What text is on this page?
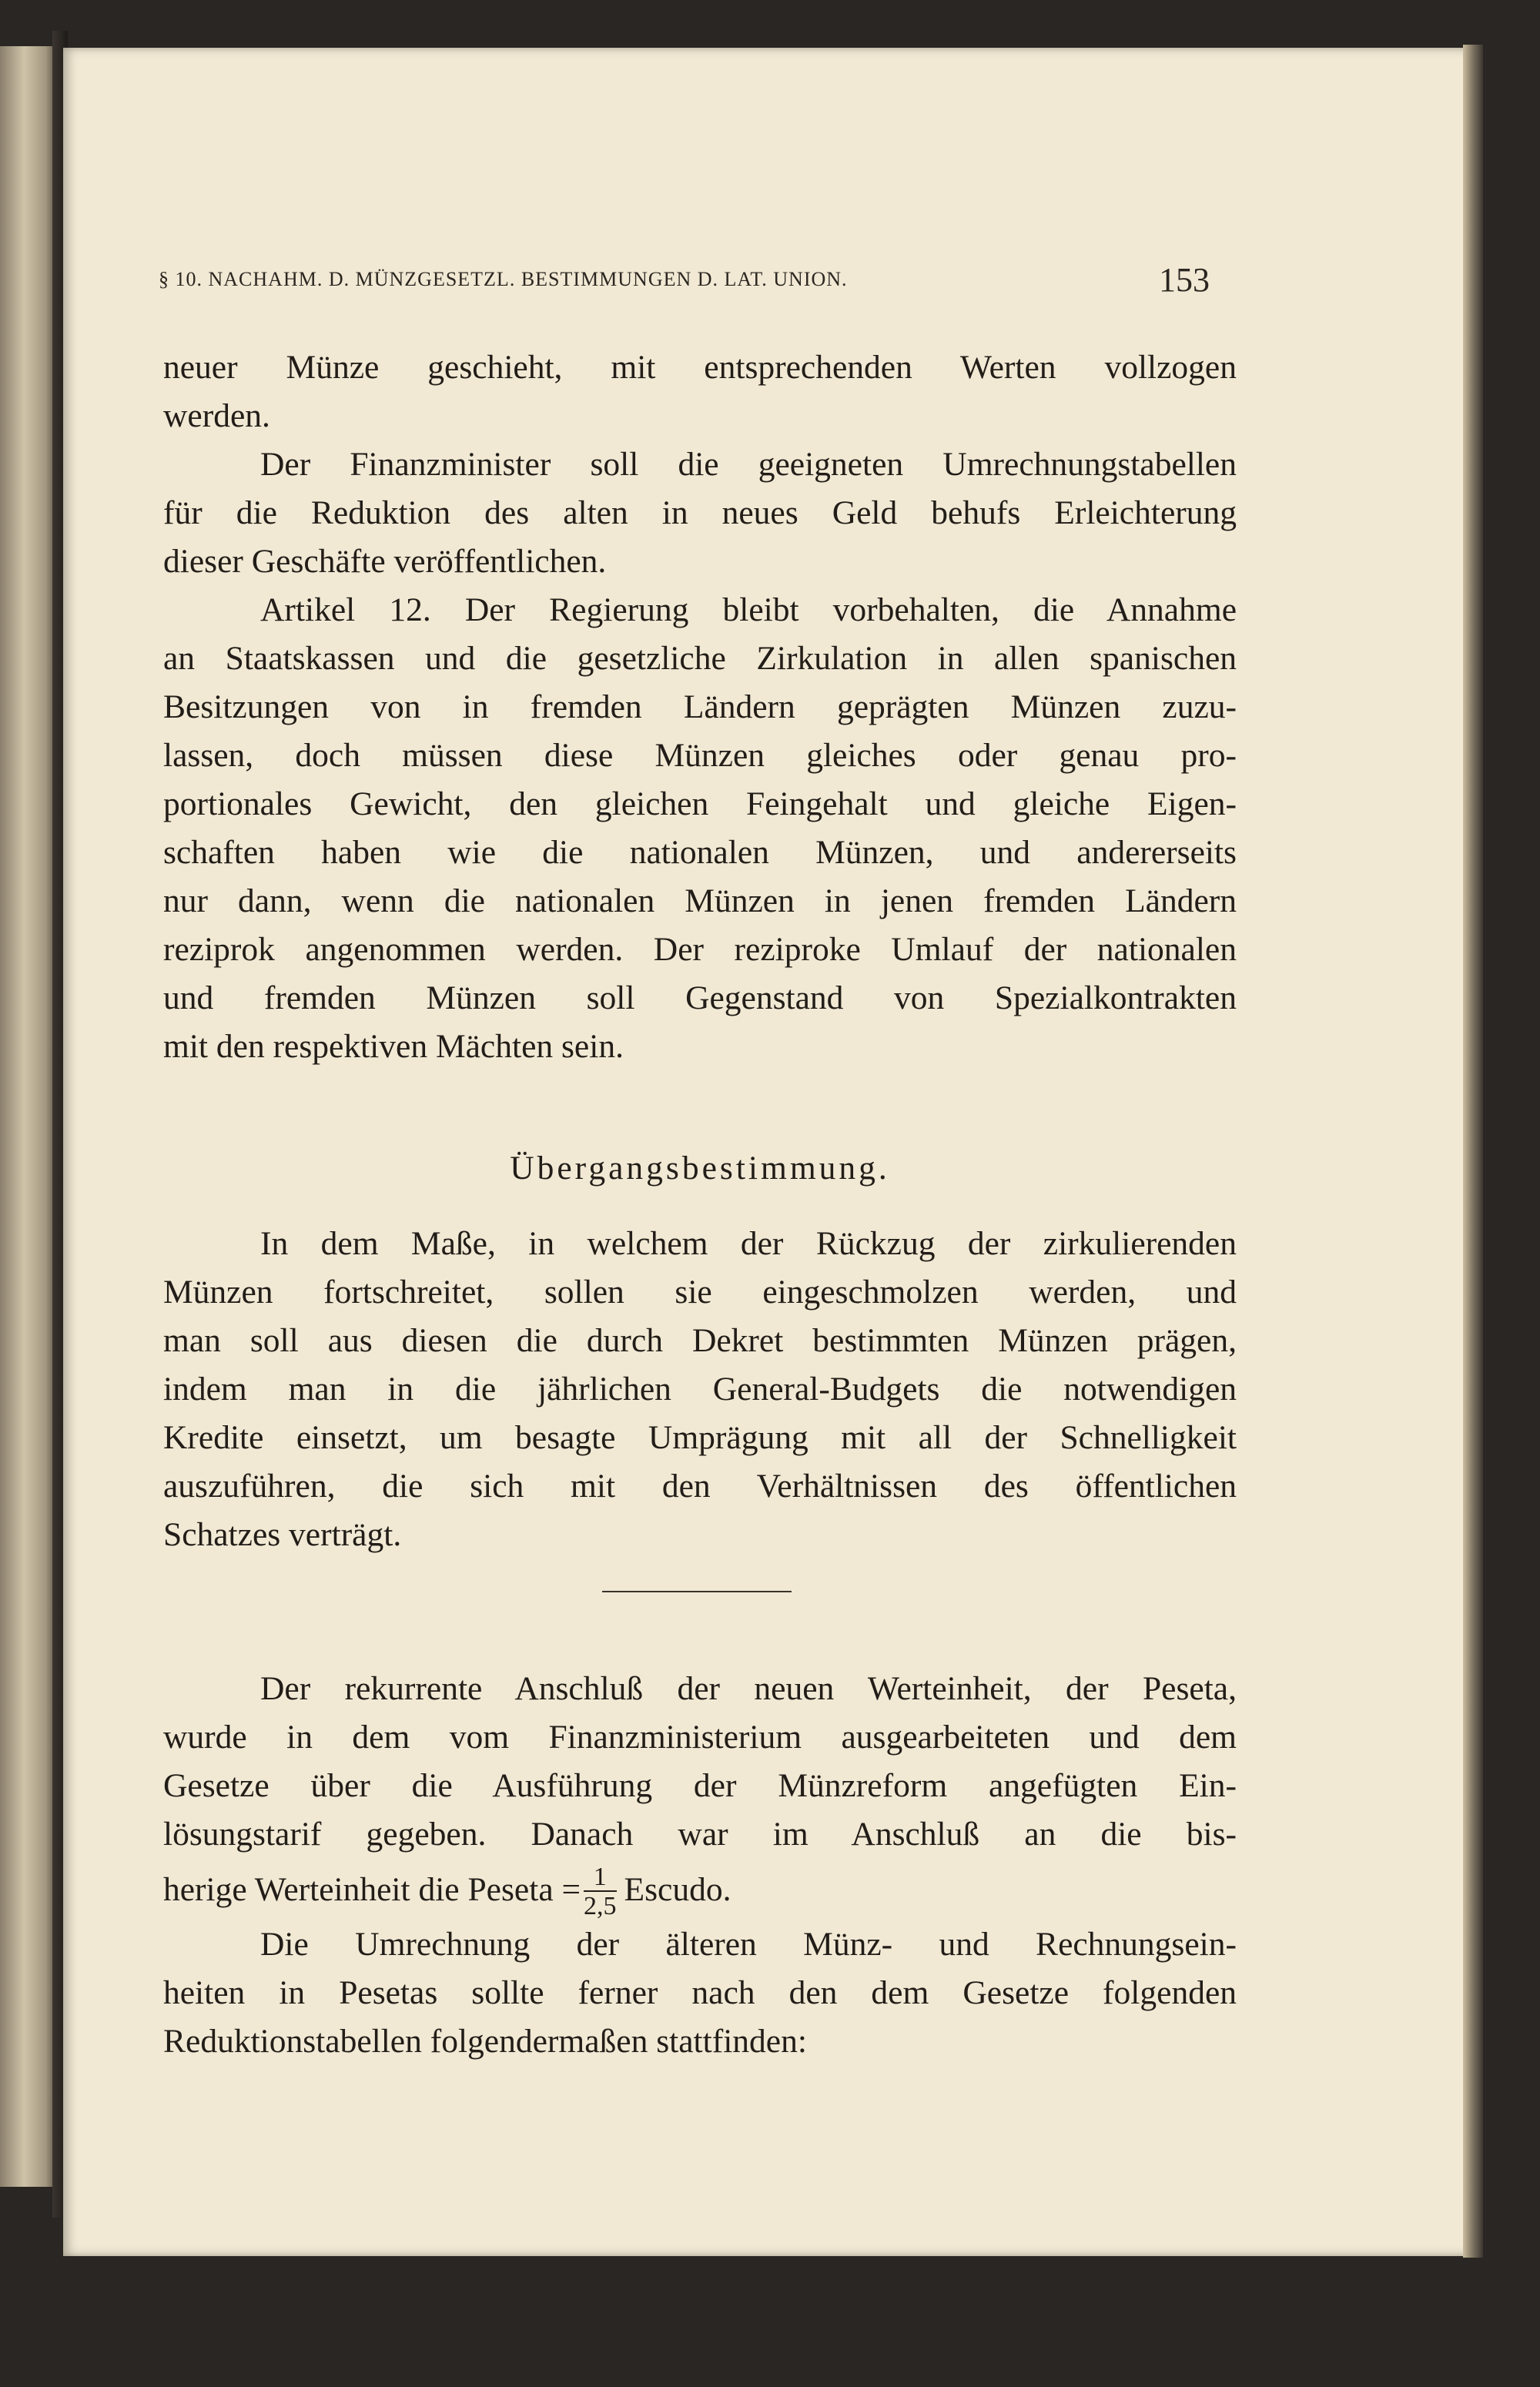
§ 10. NACHAHM. D. MÜNZGESETZL. BESTIMMUNGEN D. LAT. UNION.	153
neuer Münze geschieht, mit entsprechenden Werten vollzogen
werden.
Der Finanzminister soll die geeigneten Umrechnungstabellen
für die Reduktion des alten in neues Geld behufs Erleichterung
dieser Geschäfte veröffentlichen.
Artikel 12. Der Regierung bleibt vorbehalten, die Annahme
an Staatskassen und die gesetzliche Zirkulation in allen spanischen
Besitzungen von in fremden Ländern geprägten Münzen zuzu-
lassen, doch müssen diese Münzen gleiches oder genau pro-
portionales Gewicht, den gleichen Feingehalt und gleiche Eigen-
schaften haben wie die nationalen Münzen, und andererseits
nur dann, wenn die nationalen Münzen in jenen fremden Ländern
reziprok angenommen werden. Der reziproke Umlauf der nationalen
und fremden Münzen soll Gegenstand von Spezialkontrakten
mit den respektiven Mächten sein.
Übergangsbestimmung.
In dem Maße, in welchem der Rückzug der zirkulierenden
Münzen fortschreitet, sollen sie eingeschmolzen werden, und
man soll aus diesen die durch Dekret bestimmten Münzen prägen,
indem man in die jährlichen General-Budgets die notwendigen
Kredite einsetzt, um besagte Umprägung mit all der Schnelligkeit
auszuführen, die sich mit den Verhältnissen des öffentlichen
Schatzes verträgt.
Der rekurrente Anschluß der neuen Werteinheit, der Peseta,
wurde in dem vom Finanzministerium ausgearbeiteten und dem
Gesetze über die Ausführung der Münzreform angefügten Ein-
lösungstarif gegeben. Danach war im Anschluß an die bis-
herige Werteinheit die Peseta = $\frac{1}{2,5}$ Escudo.
Die Umrechnung der älteren Münz- und Rechnungsein-
heiten in Pesetas sollte ferner nach den dem Gesetze folgenden
Reduktionstabellen folgendermaßen stattfinden:
